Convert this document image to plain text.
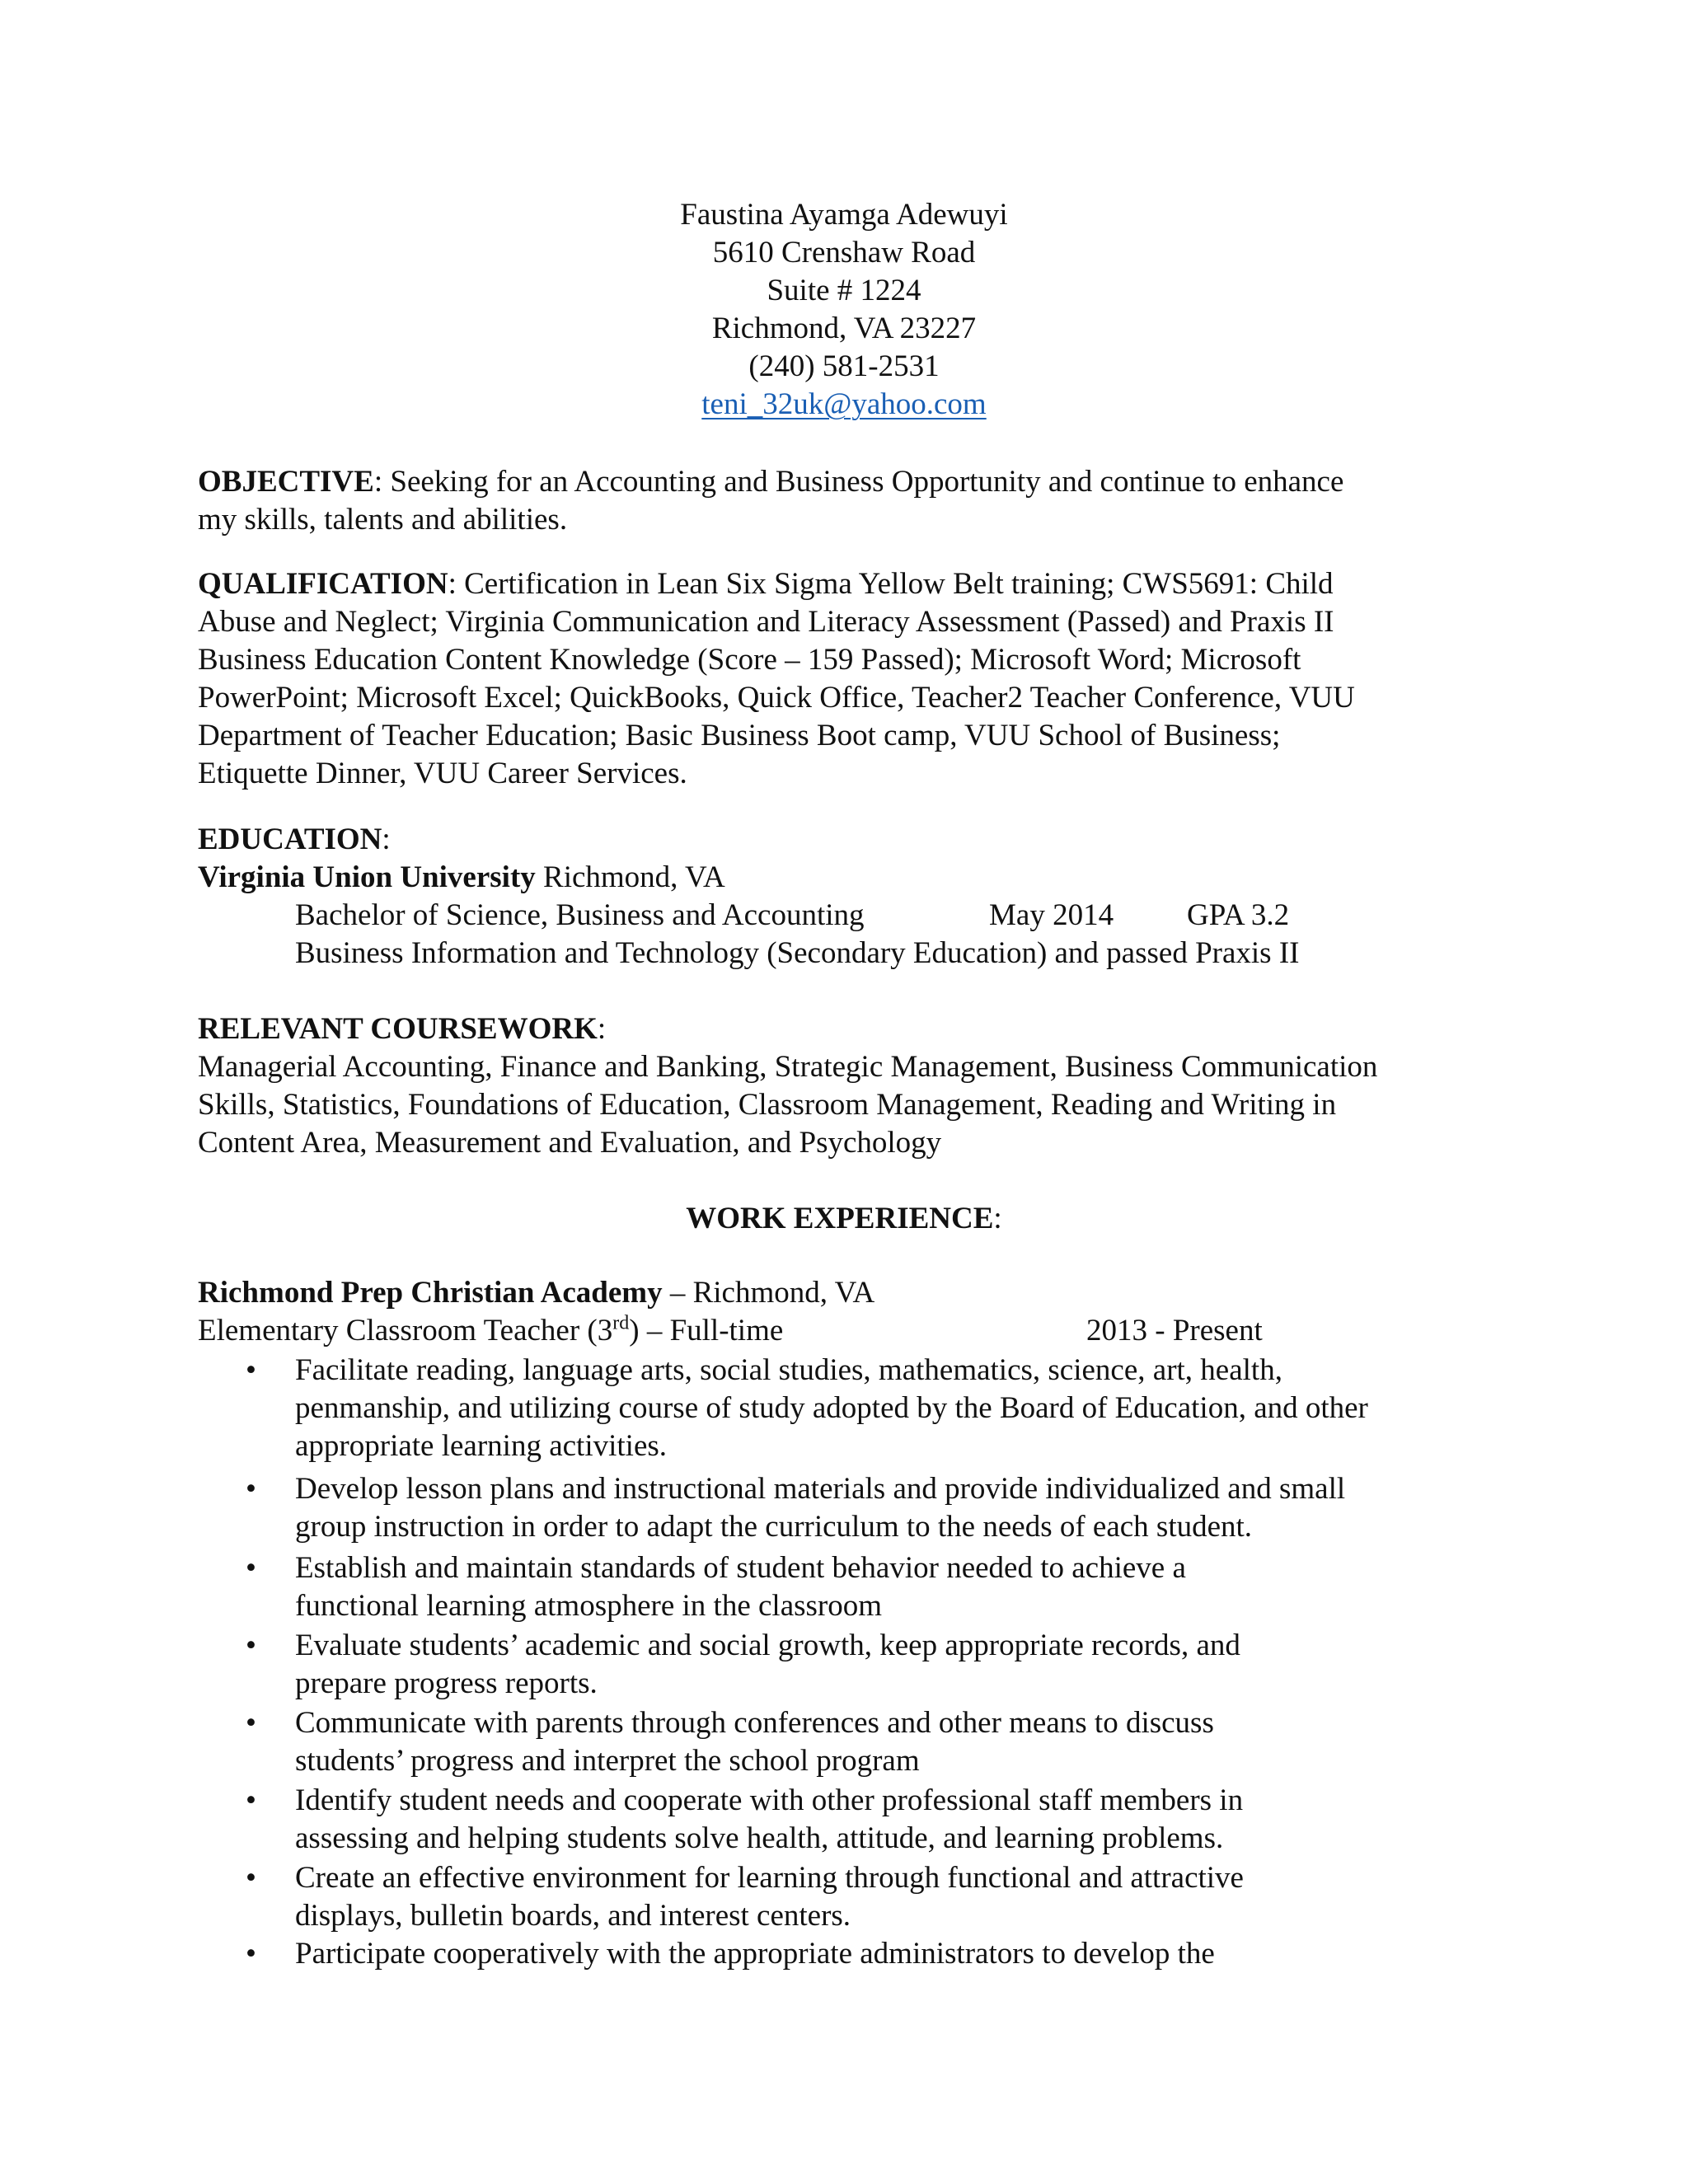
Faustina Ayamga Adewuyi
5610 Crenshaw Road
Suite # 1224
Richmond, VA 23227
(240) 581-2531
teni_32uk@yahoo.com
OBJECTIVE: Seeking for an Accounting and Business Opportunity and continue to enhance
my skills, talents and abilities.
QUALIFICATION: Certification in Lean Six Sigma Yellow Belt training; CWS5691: Child
Abuse and Neglect; Virginia Communication and Literacy Assessment (Passed) and Praxis II
Business Education Content Knowledge (Score – 159 Passed); Microsoft Word; Microsoft
PowerPoint; Microsoft Excel; QuickBooks, Quick Office, Teacher2 Teacher Conference, VUU
Department of Teacher Education; Basic Business Boot camp, VUU School of Business;
Etiquette Dinner, VUU Career Services.
EDUCATION:
Virginia Union University Richmond, VA
Bachelor of Science, Business and Accounting	May 2014 GPA 3.2
Business Information and Technology (Secondary Education) and passed Praxis II
RELEVANT COURSEWORK:
Managerial Accounting, Finance and Banking, Strategic Management, Business Communication
Skills, Statistics, Foundations of Education, Classroom Management, Reading and Writing in
Content Area, Measurement and Evaluation, and Psychology
WORK EXPERIENCE:
Richmond Prep Christian Academy – Richmond, VA
Elementary Classroom Teacher (3rd) – Full-time	2013 - Present
• Facilitate reading, language arts, social studies, mathematics, science, art, health,
penmanship, and utilizing course of study adopted by the Board of Education, and other
appropriate learning activities.
• Develop lesson plans and instructional materials and provide individualized and small
group instruction in order to adapt the curriculum to the needs of each student.
• Establish and maintain standards of student behavior needed to achieve a
functional learning atmosphere in the classroom
• Evaluate students’ academic and social growth, keep appropriate records, and
prepare progress reports.
• Communicate with parents through conferences and other means to discuss
students’ progress and interpret the school program
• Identify student needs and cooperate with other professional staff members in
assessing and helping students solve health, attitude, and learning problems.
• Create an effective environment for learning through functional and attractive
displays, bulletin boards, and interest centers.
• Participate cooperatively with the appropriate administrators to develop the
